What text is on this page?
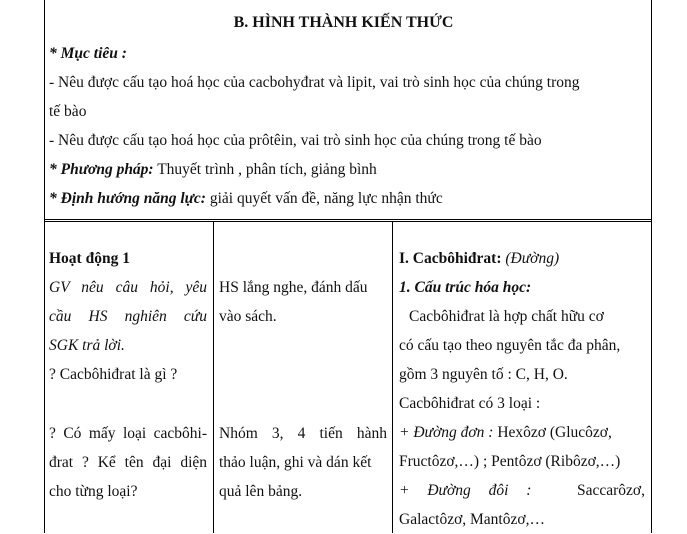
B. HÌNH THÀNH KIẾN THỨC
* Mục tiêu :
- Nêu được cấu tạo hoá học của cacbohyđrat và lipit, vai trò sinh học của chúng trong
tế bào
- Nêu được cấu tạo hoá học của prôtêin, vai trò sinh học của chúng trong tế bào
* Phương pháp: Thuyết trình , phân tích, giảng bình
* Định hướng năng lực: giải quyết vấn đề, năng lực nhận thức
Hoạt động 1
GV nêu câu hỏi, yêu
cầu HS nghiên cứu
SGK trả lời.
? Cacbôhiđrat là gì ?
? Có mấy loại cacbôhi-
đrat ? Kể tên đại diện
cho từng loại?
HS lắng nghe, đánh dấu
vào sách.
Nhóm 3, 4 tiến hành
thảo luận, ghi và dán kết
quả lên bảng.
I. Cacbôhiđrat: (Đường)
1. Cấu trúc hóa học:
Cacbôhiđrat là hợp chất hữu cơ
có cấu tạo theo nguyên tắc đa phân,
gồm 3 nguyên tố : C, H, O.
Cacbôhiđrat có 3 loại :
+ Đường đơn : Hexôzơ (Glucôzơ,
Fructôzơ,…) ; Pentôzơ (Ribôzơ,…)
+ Đường đôi :	Saccarôzơ,
Galactôzơ, Mantôzơ,…
